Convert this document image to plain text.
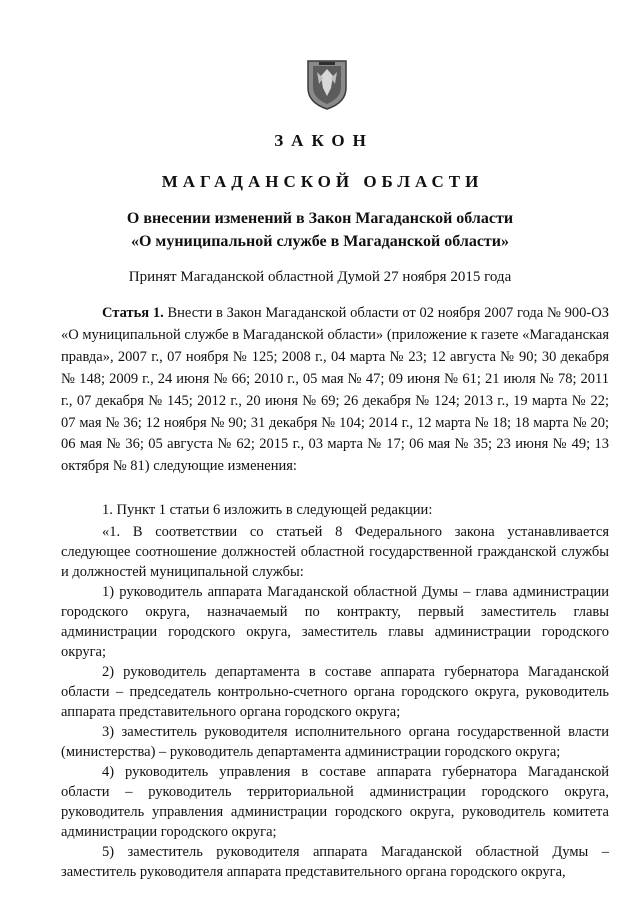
ЗАКОН
МАГАДАНСКОЙ ОБЛАСТИ
О внесении изменений в Закон Магаданской области
«О муниципальной службе в Магаданской области»
Принят Магаданской областной Думой 27 ноября 2015 года

Статья 1. Внести в Закон Магаданской области от 02 ноября 2007 года № 900-ОЗ «О муниципальной службе в Магаданской области» (приложение к газете «Магаданская правда», 2007 г., 07 ноября № 125; 2008 г., 04 марта № 23; 12 августа № 90; 30 декабря № 148; 2009 г., 24 июня № 66; 2010 г., 05 мая № 47; 09 июня № 61; 21 июля № 78; 2011 г., 07 декабря № 145; 2012 г., 20 июня № 69; 26 декабря № 124; 2013 г., 19 марта № 22; 07 мая № 36; 12 ноября № 90; 31 декабря № 104; 2014 г., 12 марта № 18; 18 марта № 20; 06 мая № 36; 05 августа № 62; 2015 г., 03 марта № 17; 06 мая № 35; 23 июня № 49; 13 октября № 81) следующие изменения:

1. Пункт 1 статьи 6 изложить в следующей редакции:

«1. В соответствии со статьей 8 Федерального закона устанавливается следующее соотношение должностей областной государственной гражданской службы и должностей муниципальной службы:

1) руководитель аппарата Магаданской областной Думы – глава администрации городского округа, назначаемый по контракту, первый заместитель главы администрации городского округа, заместитель главы администрации городского округа;

2) руководитель департамента в составе аппарата губернатора Магаданской области – председатель контрольно-счетного органа городского округа, руководитель аппарата представительного органа городского округа;

3) заместитель руководителя исполнительного органа государственной власти (министерства) – руководитель департамента администрации городского округа;

4) руководитель управления в составе аппарата губернатора Магаданской области – руководитель территориальной администрации городского округа, руководитель управления администрации городского округа, руководитель комитета администрации городского округа;

5) заместитель руководителя аппарата Магаданской областной Думы – заместитель руководителя аппарата представительного органа городского округа,
